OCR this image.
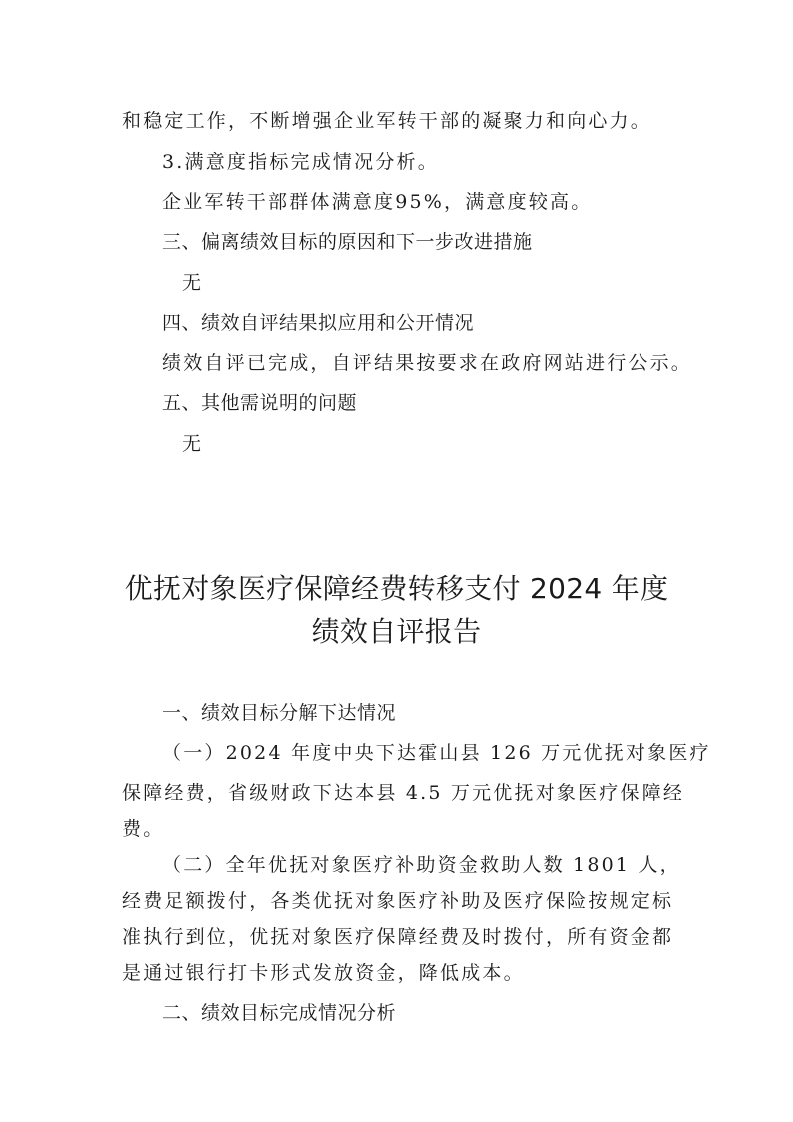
和稳定工作，不断增强企业军转干部的凝聚力和向心力。
3.满意度指标完成情况分析。
企业军转干部群体满意度95%，满意度较高。
三、偏离绩效目标的原因和下一步改进措施
无
四、绩效自评结果拟应用和公开情况
绩效自评已完成，自评结果按要求在政府网站进行公示。
五、其他需说明的问题
无
优抚对象医疗保障经费转移支付 2024 年度
绩效自评报告
一、绩效目标分解下达情况
（一）2024 年度中央下达霍山县 126 万元优抚对象医疗
保障经费，省级财政下达本县 4.5 万元优抚对象医疗保障经
费。
（二）全年优抚对象医疗补助资金救助人数 1801 人，
经费足额拨付，各类优抚对象医疗补助及医疗保险按规定标
准执行到位，优抚对象医疗保障经费及时拨付，所有资金都
是通过银行打卡形式发放资金，降低成本。
二、绩效目标完成情况分析
